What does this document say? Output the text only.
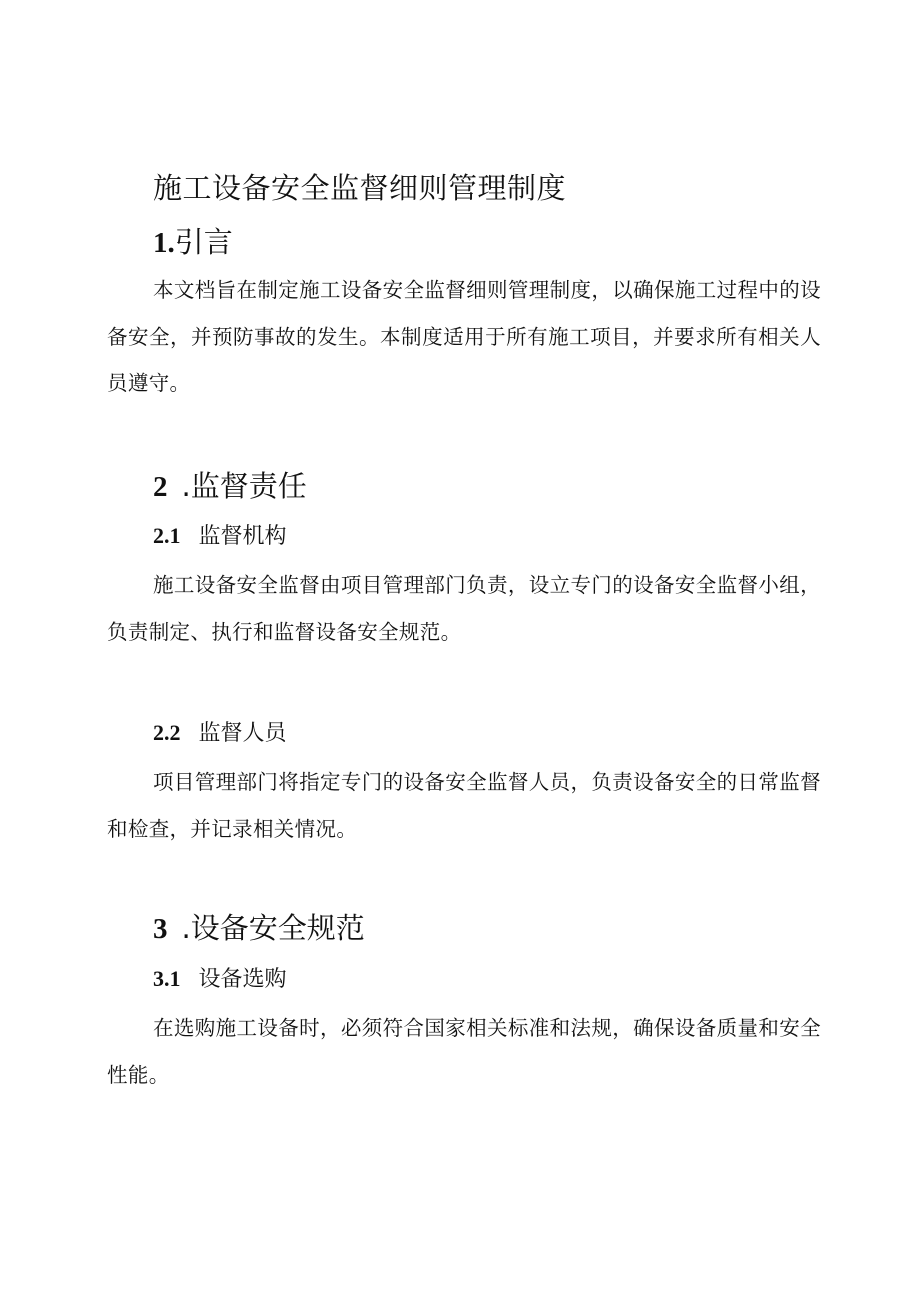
施工设备安全监督细则管理制度
1.引言

本文档旨在制定施工设备安全监督细则管理制度，以确保施工过程中的设备安全，并预防事故的发生。本制度适用于所有施工项目，并要求所有相关人员遵守。

2 .监督责任
2.1 监督机构

施工设备安全监督由项目管理部门负责，设立专门的设备安全监督小组，负责制定、执行和监督设备安全规范。

2.2 监督人员

项目管理部门将指定专门的设备安全监督人员，负责设备安全的日常监督和检查，并记录相关情况。

3 .设备安全规范
3.1 设备选购

在选购施工设备时，必须符合国家相关标准和法规，确保设备质量和安全性能。
